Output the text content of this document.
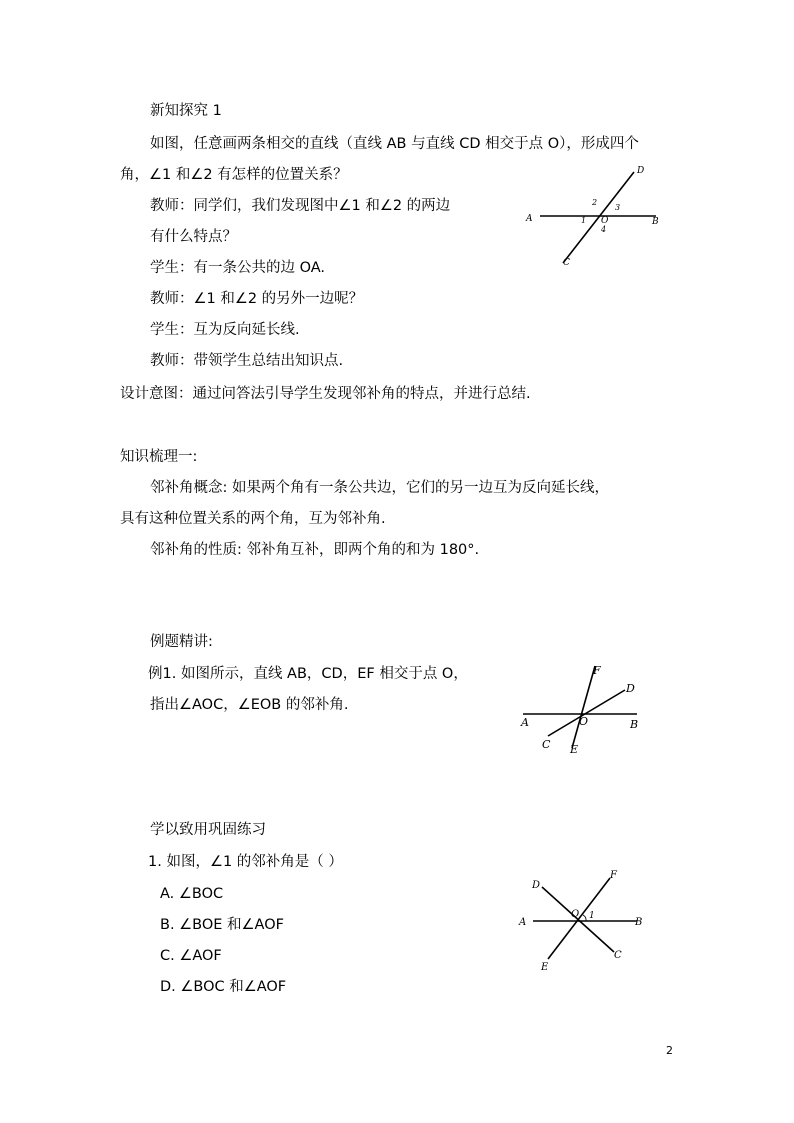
新知探究 1
如图，任意画两条相交的直线（直线 AB 与直线 CD 相交于点 O），形成四个
角，∠1 和∠2 有怎样的位置关系？
教师：同学们，我们发现图中∠1 和∠2 的两边
有什么特点？
学生：有一条公共的边 OA.
教师：∠1 和∠2 的另外一边呢？
学生：互为反向延长线.
教师：带领学生总结出知识点.
设计意图：通过问答法引导学生发现邻补角的特点，并进行总结.
A	B
C
D
O
1
2
3
4
知识梳理一:
邻补角概念: 如果两个角有一条公共边，它们的另一边互为反向延长线，
具有这种位置关系的两个角，互为邻补角.
邻补角的性质: 邻补角互补，即两个角的和为 180°.
例题精讲:
例1. 如图所示，直线 AB，CD，EF 相交于点 O，
指出∠AOC，∠EOB 的邻补角.
A	B
C
D
E
F
O
学以致用巩固练习
1. 如图，∠1 的邻补角是（ ）
A. ∠BOC
B. ∠BOE 和∠AOF
C. ∠AOF
D. ∠BOC 和∠AOF
A	B
C
D
E
F
O 1
2
